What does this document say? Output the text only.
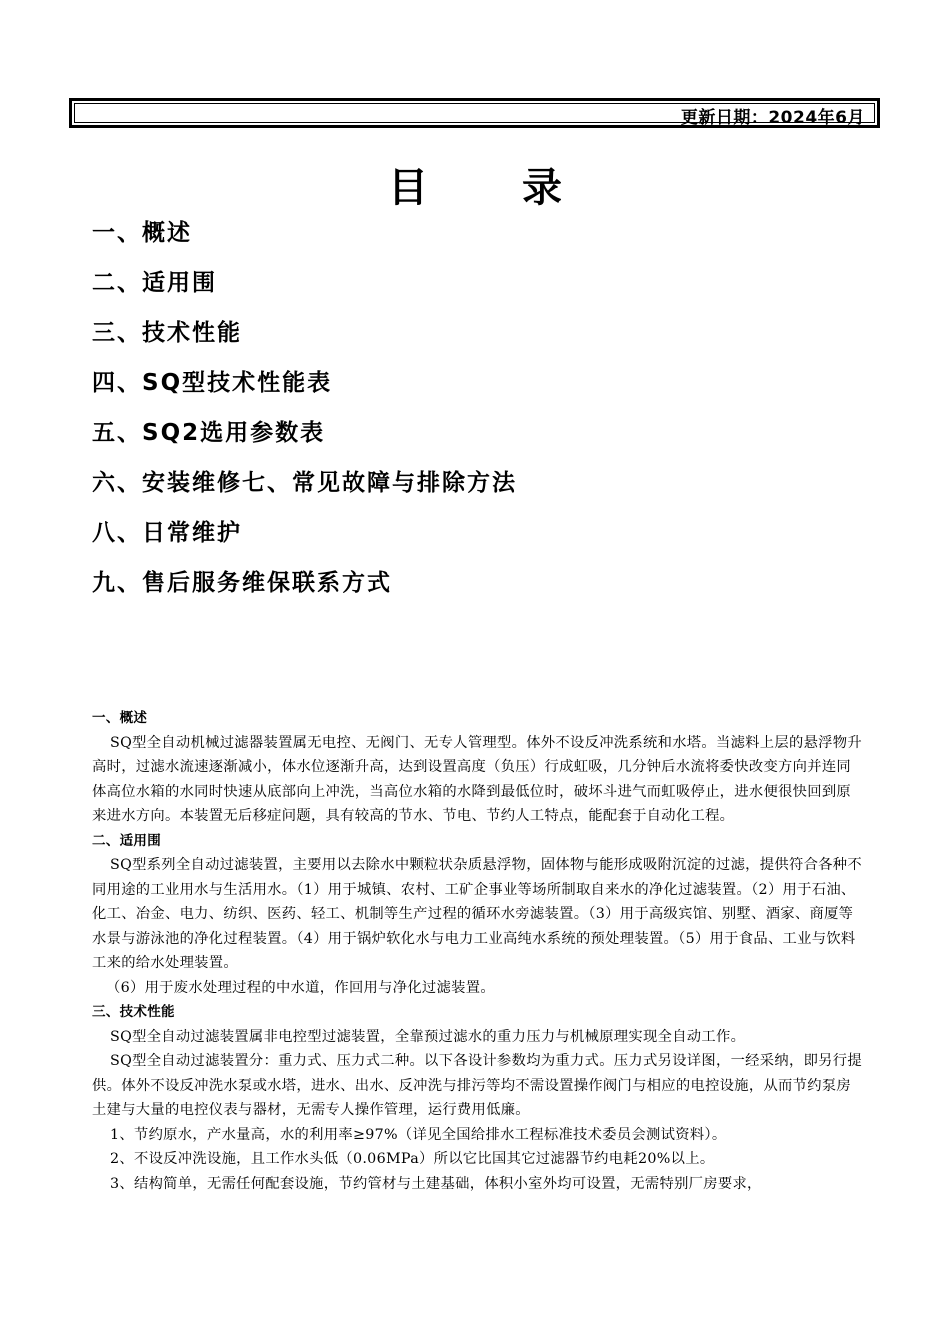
更新日期：2024年6月
目 录
一、概述
二、适用围
三、技术性能
四、SQ型技术性能表
五、SQ2选用参数表
六、安装维修七、常见故障与排除方法
八、日常维护
九、售后服务维保联系方式
一、概述

SQ型全自动机械过滤器装置属无电控、无阀门、无专人管理型。体外不设反冲洗系统和水塔。当滤料上层的悬浮物升高时，过滤水流速逐渐减小，体水位逐渐升高，达到设置高度（负压）行成虹吸，几分钟后水流将委快改变方向并连同体高位水箱的水同时快速从底部向上冲洗，当高位水箱的水降到最低位时，破坏斗进气而虹吸停止，进水便很快回到原来进水方向。本装置无后移症问题，具有较高的节水、节电、节约人工特点，能配套于自动化工程。

二、适用围

SQ型系列全自动过滤装置，主要用以去除水中颗粒状杂质悬浮物，固体物与能形成吸附沉淀的过滤，提供符合各种不同用途的工业用水与生活用水。（1）用于城镇、农村、工矿企事业等场所制取自来水的净化过滤装置。（2）用于石油、化工、冶金、电力、纺织、医药、轻工、机制等生产过程的循环水旁滤装置。（3）用于高级宾馆、别墅、酒家、商厦等水景与游泳池的净化过程装置。（4）用于锅炉软化水与电力工业高纯水系统的预处理装置。（5）用于食品、工业与饮料工来的给水处理装置。

（6）用于废水处理过程的中水道，作回用与净化过滤装置。

三、技术性能

SQ型全自动过滤装置属非电控型过滤装置，全靠预过滤水的重力压力与机械原理实现全自动工作。

SQ型全自动过滤装置分：重力式、压力式二种。以下各设计参数均为重力式。压力式另设详图，一经采纳，即另行提供。体外不设反冲洗水泵或水塔，进水、出水、反冲洗与排污等均不需设置操作阀门与相应的电控设施，从而节约泵房土建与大量的电控仪表与器材，无需专人操作管理，运行费用低廉。

1、节约原水，产水量高，水的利用率≥97%（详见全国给排水工程标准技术委员会测试资料）。

2、不设反冲洗设施，且工作水头低（0.06MPa）所以它比国其它过滤器节约电耗20%以上。

3、结构简单，无需任何配套设施，节约管材与土建基础，体积小室外均可设置，无需特别厂房要求，
